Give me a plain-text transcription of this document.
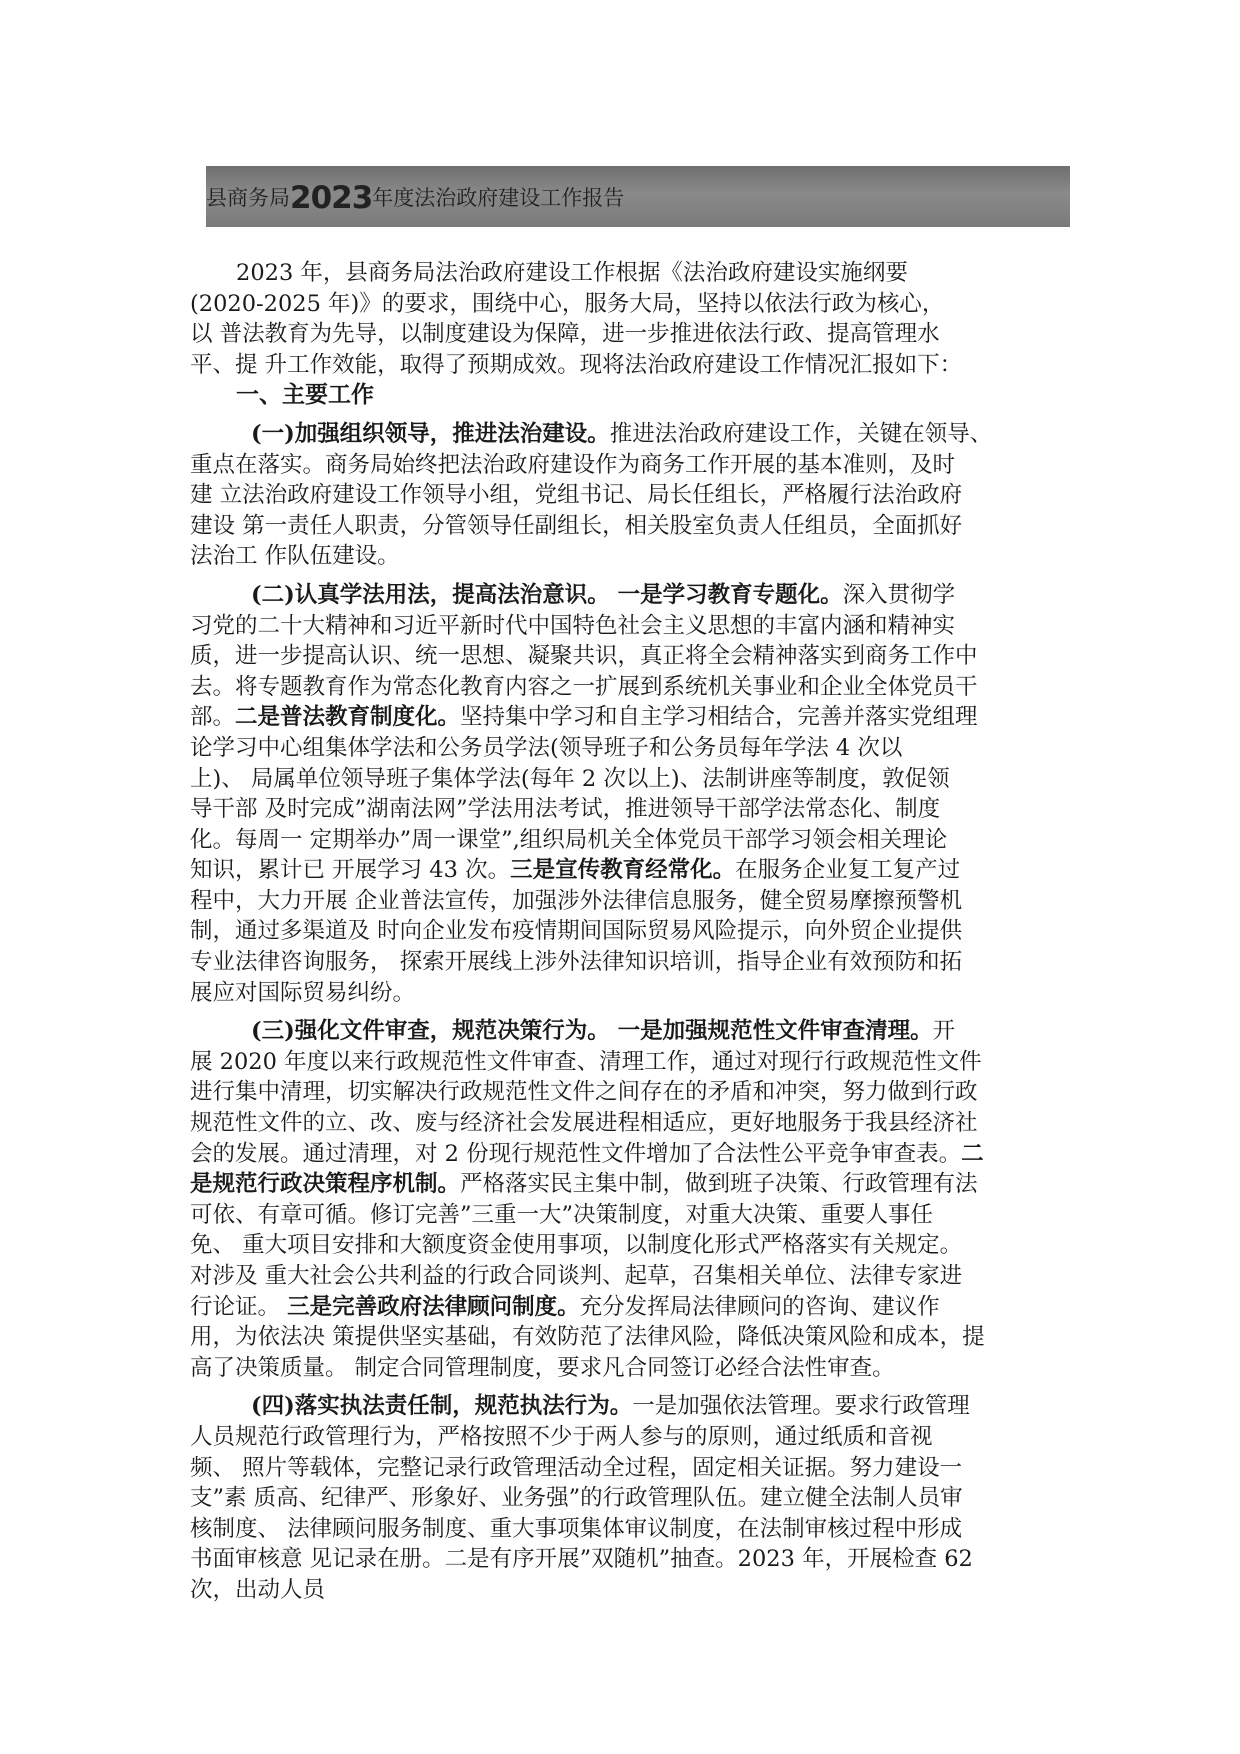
县商务局2023年度法治政府建设工作报告
2023 年，县商务局法治政府建设工作根据《法治政府建设实施纲要
(2020-2025 年)》的要求，围绕中心，服务大局，坚持以依法行政为核心，
以 普法教育为先导，以制度建设为保障，进一步推进依法行政、提高管理水
平、提 升工作效能，取得了预期成效。现将法治政府建设工作情况汇报如下：
一、主要工作
(一)加强组织领导，推进法治建设。推进法治政府建设工作，关键在领导、
重点在落实。商务局始终把法治政府建设作为商务工作开展的基本准则，及时
建 立法治政府建设工作领导小组，党组书记、局长任组长，严格履行法治政府
建设 第一责任人职责，分管领导任副组长，相关股室负责人任组员，全面抓好
法治工 作队伍建设。
(二)认真学法用法，提高法治意识。 一是学习教育专题化。深入贯彻学
习党的二十大精神和习近平新时代中国特色社会主义思想的丰富内涵和精神实
质，进一步提高认识、统一思想、凝聚共识，真正将全会精神落实到商务工作中
去。将专题教育作为常态化教育内容之一扩展到系统机关事业和企业全体党员干
部。二是普法教育制度化。坚持集中学习和自主学习相结合，完善并落实党组理
论学习中心组集体学法和公务员学法(领导班子和公务员每年学法 4 次以
上)、 局属单位领导班子集体学法(每年 2 次以上)、法制讲座等制度，敦促领
导干部 及时完成”湖南法网”学法用法考试，推进领导干部学法常态化、制度
化。每周一 定期举办”周一课堂”,组织局机关全体党员干部学习领会相关理论
知识，累计已 开展学习 43 次。三是宣传教育经常化。在服务企业复工复产过
程中，大力开展 企业普法宣传，加强涉外法律信息服务，健全贸易摩擦预警机
制，通过多渠道及 时向企业发布疫情期间国际贸易风险提示，向外贸企业提供
专业法律咨询服务， 探索开展线上涉外法律知识培训，指导企业有效预防和拓
展应对国际贸易纠纷。
(三)强化文件审查，规范决策行为。 一是加强规范性文件审查清理。开
展 2020 年度以来行政规范性文件审查、清理工作，通过对现行行政规范性文件
进行集中清理，切实解决行政规范性文件之间存在的矛盾和冲突，努力做到行政
规范性文件的立、改、废与经济社会发展进程相适应，更好地服务于我县经济社
会的发展。通过清理，对 2 份现行规范性文件增加了合法性公平竞争审查表。二
是规范行政决策程序机制。严格落实民主集中制，做到班子决策、行政管理有法
可依、有章可循。修订完善”三重一大”决策制度，对重大决策、重要人事任
免、 重大项目安排和大额度资金使用事项，以制度化形式严格落实有关规定。
对涉及 重大社会公共利益的行政合同谈判、起草，召集相关单位、法律专家进
行论证。 三是完善政府法律顾问制度。充分发挥局法律顾问的咨询、建议作
用，为依法决 策提供坚实基础，有效防范了法律风险，降低决策风险和成本，提
高了决策质量。 制定合同管理制度，要求凡合同签订必经合法性审查。
(四)落实执法责任制，规范执法行为。一是加强依法管理。要求行政管理
人员规范行政管理行为，严格按照不少于两人参与的原则，通过纸质和音视
频、 照片等载体，完整记录行政管理活动全过程，固定相关证据。努力建设一
支”素 质高、纪律严、形象好、业务强”的行政管理队伍。建立健全法制人员审
核制度、 法律顾问服务制度、重大事项集体审议制度，在法制审核过程中形成
书面审核意 见记录在册。二是有序开展”双随机”抽查。2023 年，开展检查 62
次，出动人员
